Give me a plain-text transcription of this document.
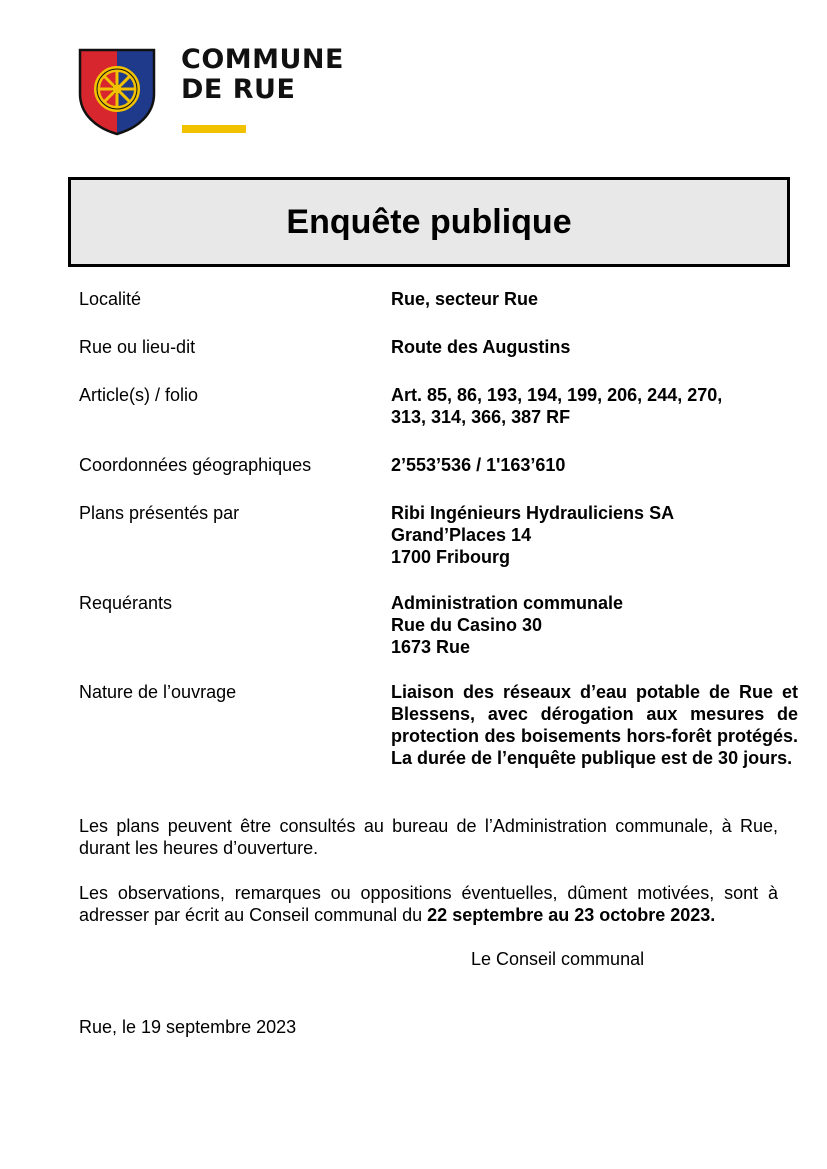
COMMUNE
DE RUE
Enquête publique
Localité	Rue, secteur Rue
Rue ou lieu-dit	Route des Augustins
Article(s) / folio	Art. 85, 86, 193, 194, 199, 206, 244, 270,
313, 314, 366, 387 RF
Coordonnées géographiques	2’553’536 / 1'163’610
Plans présentés par	Ribi Ingénieurs Hydrauliciens SA
Grand’Places 14
1700 Fribourg
Requérants	Administration communale
Rue du Casino 30
1673 Rue
Nature de l’ouvrage	Liaison des réseaux d’eau potable de Rue et Blessens, avec dérogation aux mesures de protection des boisements hors-forêt protégés. La durée de l’enquête publique est de 30 jours.

Les plans peuvent être consultés au bureau de l’Administration communale, à Rue, durant les heures d’ouverture.

Les observations, remarques ou oppositions éventuelles, dûment motivées, sont à adresser par écrit au Conseil communal du 22 septembre au 23 octobre 2023.

Le Conseil communal
Rue, le 19 septembre 2023
